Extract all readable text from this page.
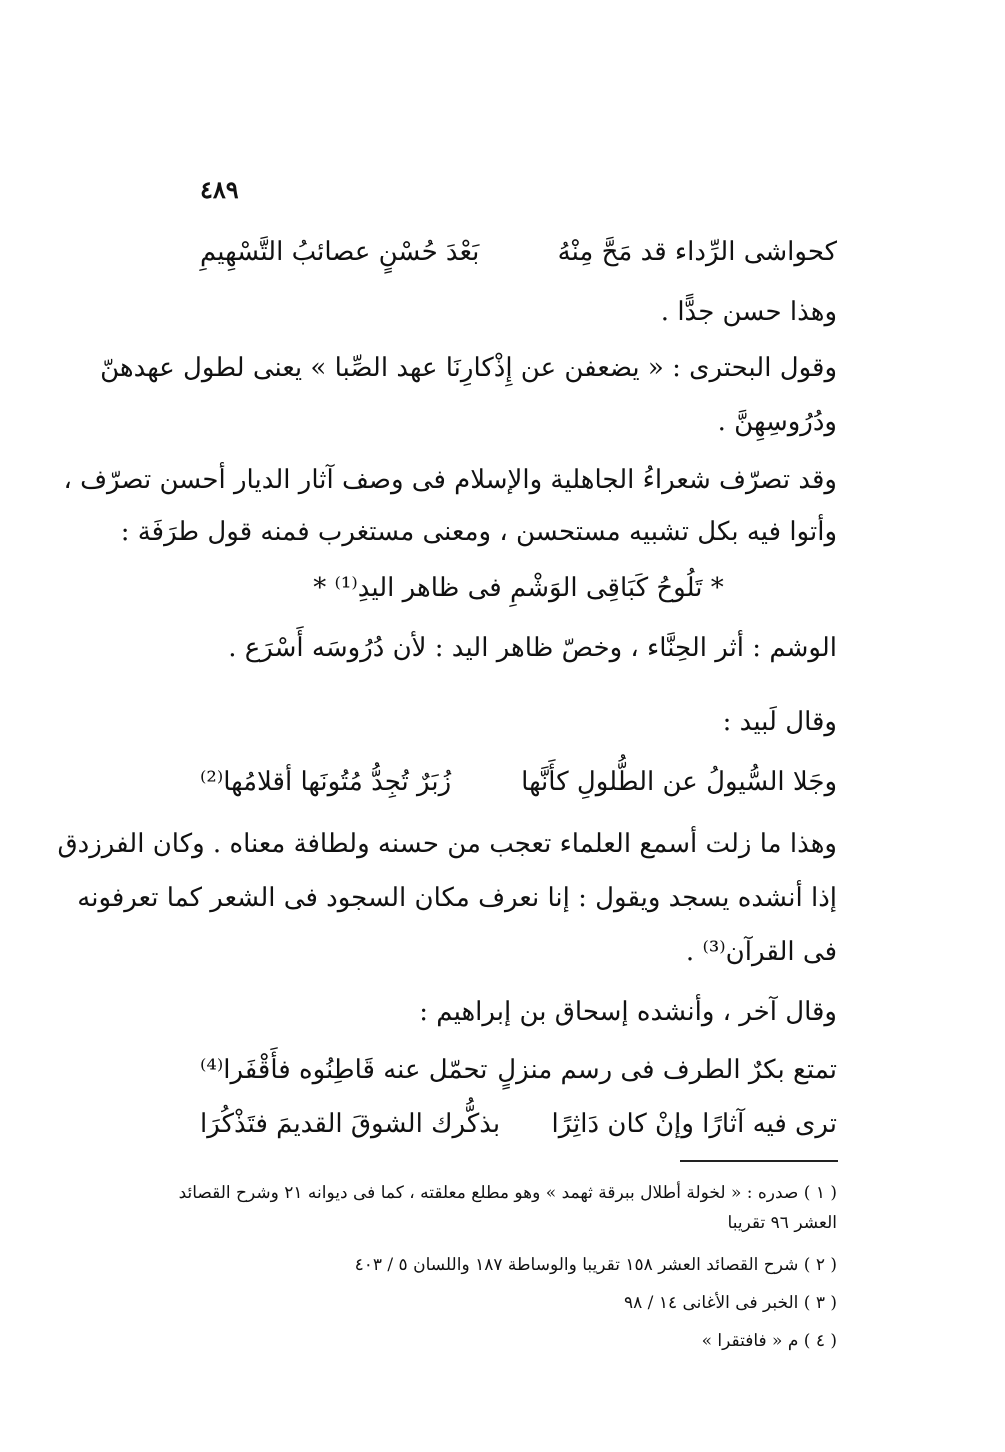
٤٨٩
كحواشى الرِّداء قد مَحَّ مِنْهُ
بَعْدَ حُسْنٍ عصائبُ التَّسْهِيمِ
وهذا حسن جدًّا .
وقول البحترى : « يضعفن عن إِذْكارِنَا عهد الصِّبا » يعنى لطول عهدهنّ
ودُرُوسِهِنَّ .
وقد تصرّف شعراءُ الجاهلية والإسلام فى وصف آثار الديار أحسن تصرّف ،
وأتوا فيه بكل تشبيه مستحسن ، ومعنى مستغرب فمنه قول طرَفَة :
* تَلُوحُ كَبَاقِى الوَشْمِ فى ظاهر اليدِ⁽¹⁾ *
الوشم : أثر الحِنَّاء ، وخصّ ظاهر اليد : لأن دُرُوسَه أَسْرَع .
وقال لَبيد :
وجَلا السُّيولُ عن الطُّلولِ كأَنَّها
زُبَرٌ تُجِدُّ مُتُونَها أقلامُها⁽²⁾
وهذا ما زلت أسمع العلماء تعجب من حسنه ولطافة معناه . وكان الفرزدق
إذا أنشده يسجد ويقول : إنا نعرف مكان السجود فى الشعر كما تعرفونه
فى القرآن⁽³⁾ .
وقال آخر ، وأنشده إسحاق بن إبراهيم :
تمتع بكرٌ الطرف فى رسم منزلٍ
تحمّل عنه قَاطِنُوه فأَقْفَرا⁽⁴⁾
ترى فيه آثارًا وإنْ كان دَاثِرًا
بذكُّرك الشوقَ القديمَ فتَذْكُرَا
( ١ ) صدره : « لخولة أطلال ببرقة ثهمد » وهو مطلع معلقته ، كما فى ديوانه ٢١ وشرح القصائد
العشر ٩٦ تقريبا
( ٢ ) شرح القصائد العشر ١٥٨ تقريبا والوساطة ١٨٧ واللسان ٥ / ٤٠٣
( ٣ ) الخبر فى الأغانى ١٤ / ٩٨
( ٤ ) م « فافتقرا »
